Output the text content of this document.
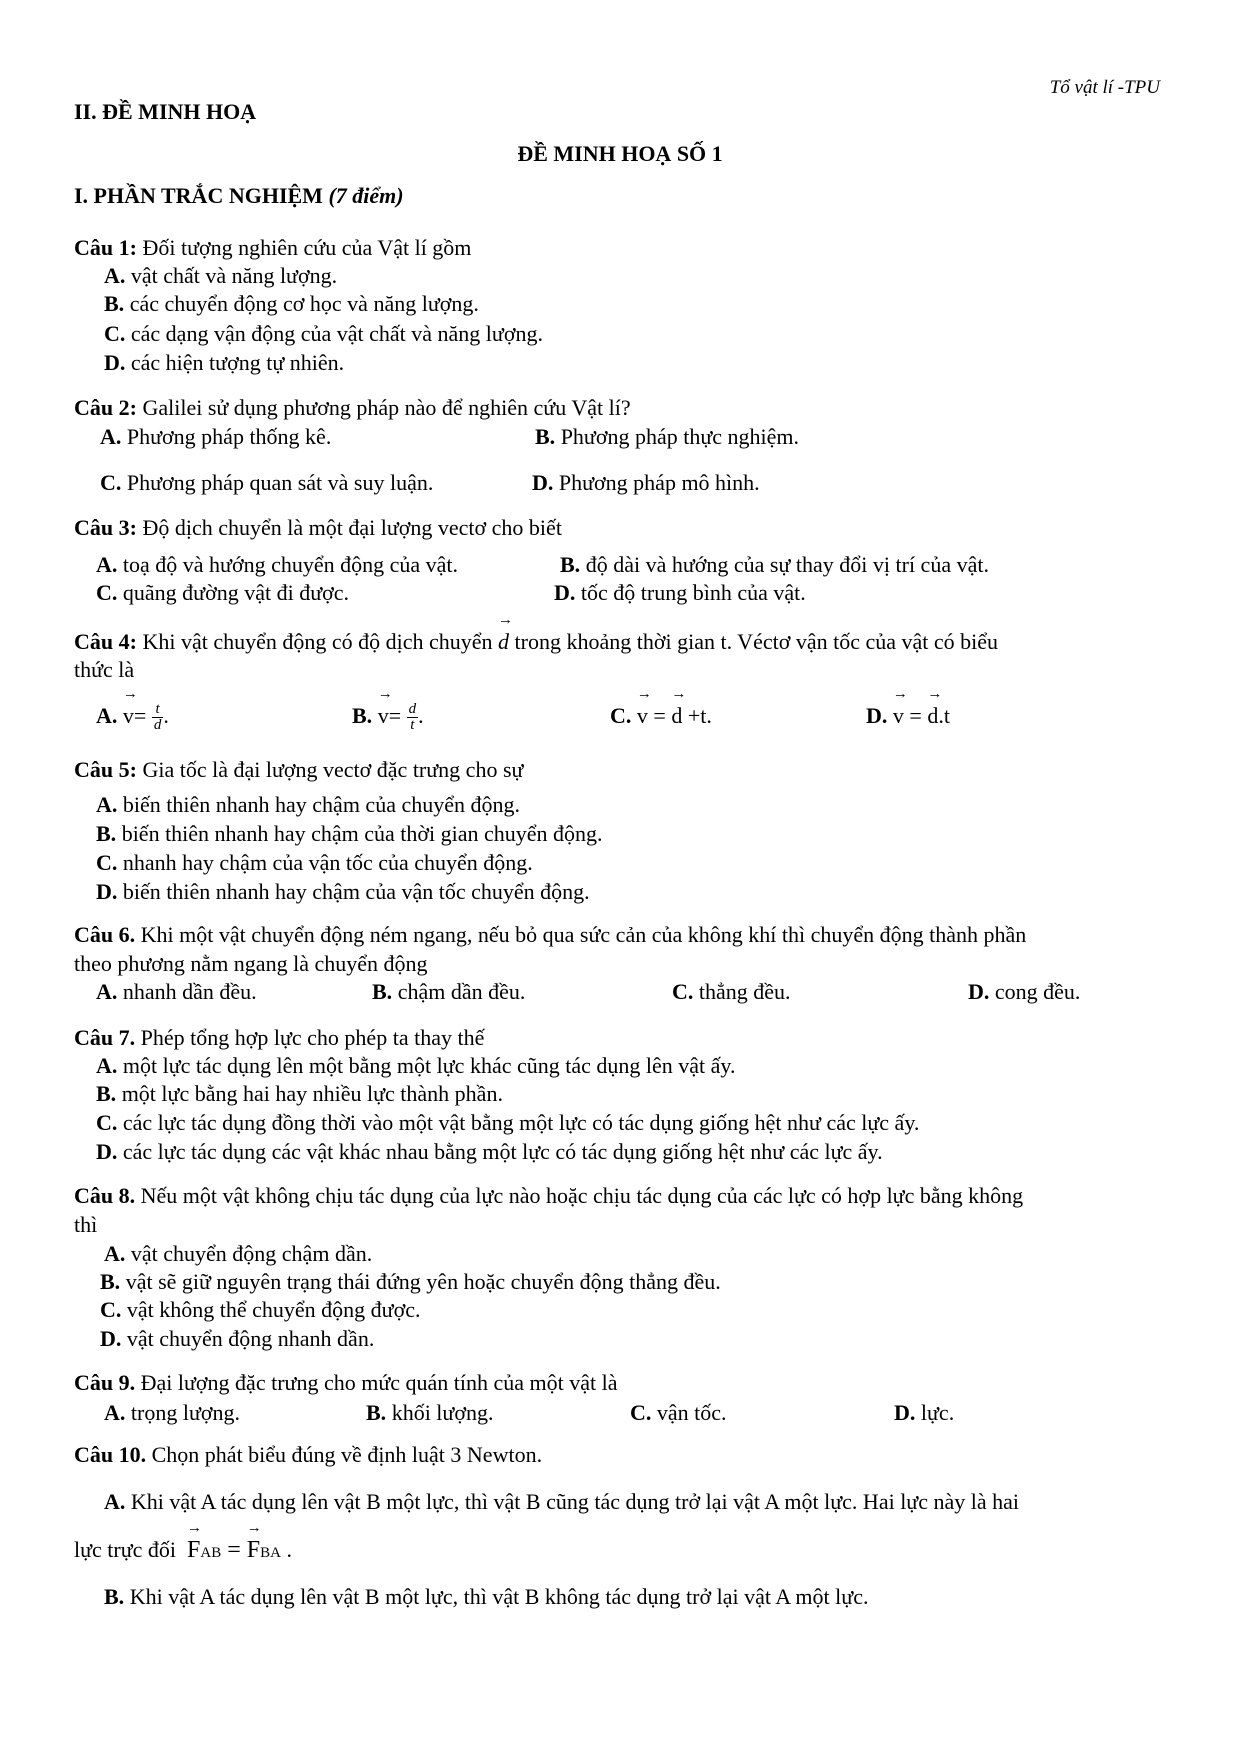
Tổ vật lí -TPU
II. ĐỀ MINH HOẠ
ĐỀ MINH HOẠ SỐ 1
I. PHẦN TRẮC NGHIỆM (7 điểm)
Câu 1: Đối tượng nghiên cứu của Vật lí gồm
A. vật chất và năng lượng.
B. các chuyển động cơ học và năng lượng.
C. các dạng vận động của vật chất và năng lượng.
D. các hiện tượng tự nhiên.
Câu 2: Galilei sử dụng phương pháp nào để nghiên cứu Vật lí?
A. Phương pháp thống kê.	B. Phương pháp thực nghiệm.
C. Phương pháp quan sát và suy luận.	D. Phương pháp mô hình.
Câu 3: Độ dịch chuyển là một đại lượng vectơ cho biết
A. toạ độ và hướng chuyển động của vật.	B. độ dài và hướng của sự thay đổi vị trí của vật.
C. quãng đường vật đi được.	D. tốc độ trung bình của vật.
Câu 4: Khi vật chuyển động có độ dịch chuyển → d trong khoảng thời gian t. Véctơ vận tốc của vật có biểu
thức là
A. → $v= \frac{t}{d}$ .	B. → $v= \frac{d}{t}$ .	C. → v = → d +t.	D. → v = → d.t
Câu 5: Gia tốc là đại lượng vectơ đặc trưng cho sự
A. biến thiên nhanh hay chậm của chuyển động.
B. biến thiên nhanh hay chậm của thời gian chuyển động.
C. nhanh hay chậm của vận tốc của chuyển động.
D. biến thiên nhanh hay chậm của vận tốc chuyển động.
Câu 6. Khi một vật chuyển động ném ngang, nếu bỏ qua sức cản của không khí thì chuyển động thành phần
theo phương nằm ngang là chuyển động
A. nhanh dần đều.	B. chậm dần đều.	C. thẳng đều.	D. cong đều.
Câu 7. Phép tổng hợp lực cho phép ta thay thế
A. một lực tác dụng lên một bằng một lực khác cũng tác dụng lên vật ấy.
B. một lực bằng hai hay nhiều lực thành phần.
C. các lực tác dụng đồng thời vào một vật bằng một lực có tác dụng giống hệt như các lực ấy.
D. các lực tác dụng các vật khác nhau bằng một lực có tác dụng giống hệt như các lực ấy.
Câu 8. Nếu một vật không chịu tác dụng của lực nào hoặc chịu tác dụng của các lực có hợp lực bằng không
thì
A. vật chuyển động chậm dần.
B. vật sẽ giữ nguyên trạng thái đứng yên hoặc chuyển động thẳng đều.
C. vật không thể chuyển động được.
D. vật chuyển động nhanh dần.
Câu 9. Đại lượng đặc trưng cho mức quán tính của một vật là
A. trọng lượng.	B. khối lượng.	C. vận tốc.	D. lực.
Câu 10. Chọn phát biểu đúng về định luật 3 Newton.
A. Khi vật A tác dụng lên vật B một lực, thì vật B cũng tác dụng trở lại vật A một lực. Hai lực này là hai
lực trực đối → FAB = → FBA .
B. Khi vật A tác dụng lên vật B một lực, thì vật B không tác dụng trở lại vật A một lực.
